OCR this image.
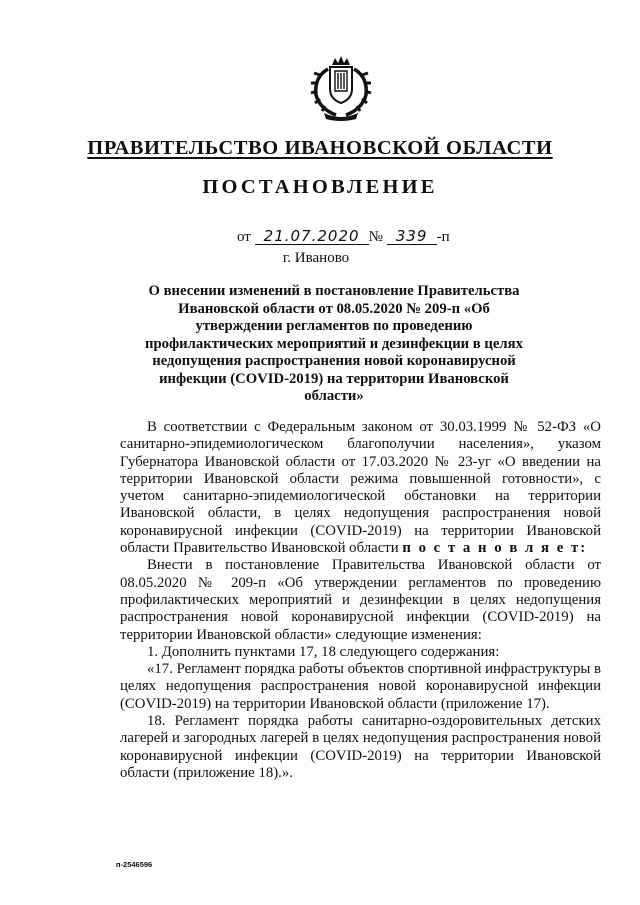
ПРАВИТЕЛЬСТВО ИВАНОВСКОЙ ОБЛАСТИ
ПОСТАНОВЛЕНИЕ
от 21.07.2020 № 339 -п
г. Иваново
О внесении изменений в постановление Правительства Ивановской области от 08.05.2020 № 209-п «Об утверждении регламентов по проведению профилактических мероприятий и дезинфекции в целях недопущения распространения новой коронавирусной инфекции (COVID-2019) на территории Ивановской области»

В соответствии с Федеральным законом от 30.03.1999 № 52-ФЗ «О санитарно-эпидемиологическом благополучии населения», указом Губернатора Ивановской области от 17.03.2020 № 23-уг «О введении на территории Ивановской области режима повышенной готовности», с учетом санитарно-эпидемиологической обстановки на территории Ивановской области, в целях недопущения распространения новой коронавирусной инфекции (COVID-2019) на территории Ивановской области Правительство Ивановской области п о с т а н о в л я е т:

Внести в постановление Правительства Ивановской области от 08.05.2020 № 209-п «Об утверждении регламентов по проведению профилактических мероприятий и дезинфекции в целях недопущения распространения новой коронавирусной инфекции (COVID-2019) на территории Ивановской области» следующие изменения:

1. Дополнить пунктами 17, 18 следующего содержания:

«17. Регламент порядка работы объектов спортивной инфраструктуры в целях недопущения распространения новой коронавирусной инфекции (COVID-2019) на территории Ивановской области (приложение 17).

18. Регламент порядка работы санитарно-оздоровительных детских лагерей и загородных лагерей в целях недопущения распространения новой коронавирусной инфекции (COVID-2019) на территории Ивановской области (приложение 18).».

п-2546596
